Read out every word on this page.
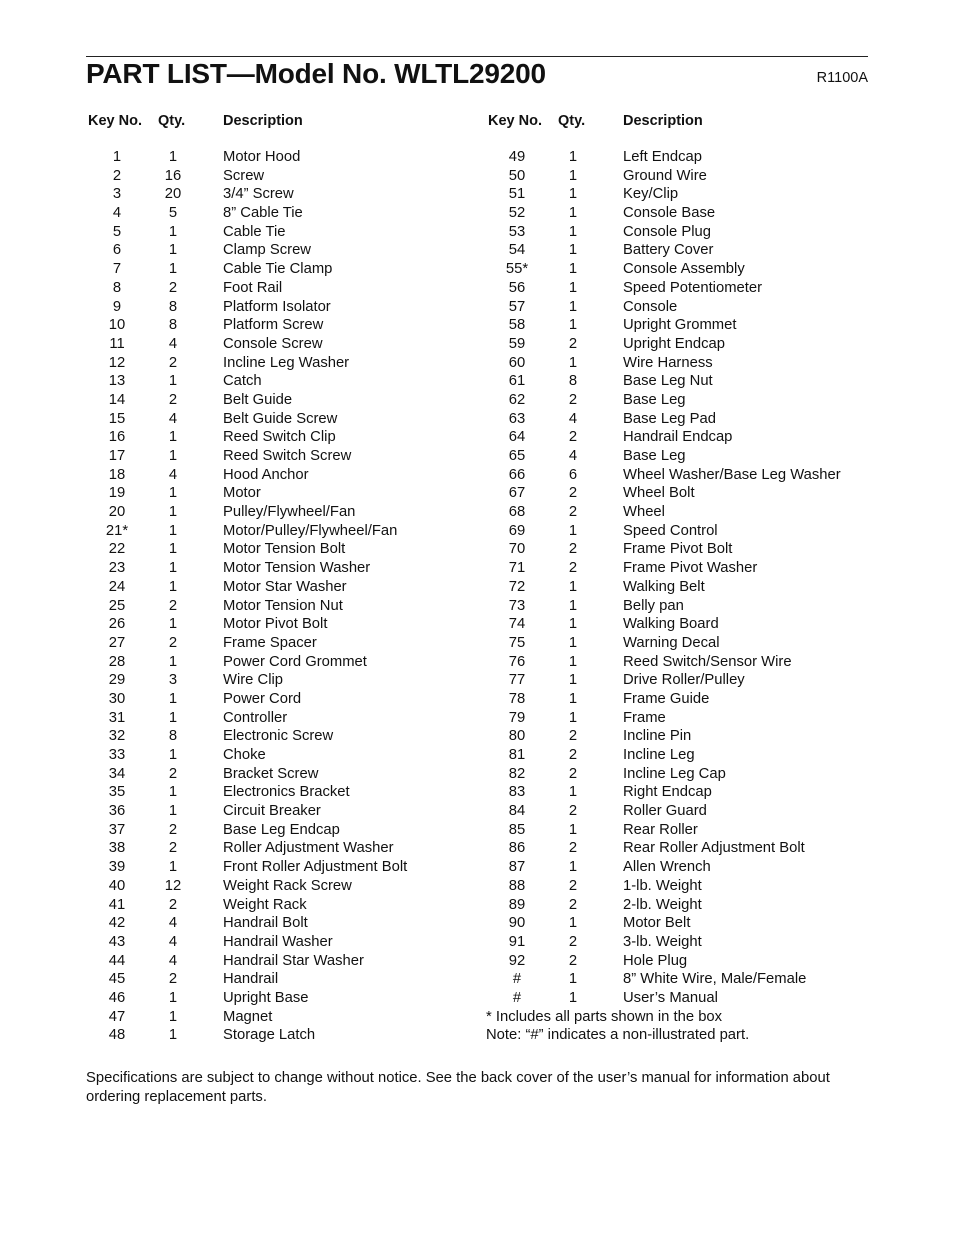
PART LIST—Model No. WLTL29200	R1100A
Key No. Qty.	Description
1	1	Motor Hood
2	16	Screw
3	20	3/4” Screw
4	5	8” Cable Tie
5	1	Cable Tie
6	1	Clamp Screw
7	1	Cable Tie Clamp
8	2	Foot Rail
9	8	Platform Isolator
10	8	Platform Screw
11	4	Console Screw
12	2	Incline Leg Washer
13	1	Catch
14	2	Belt Guide
15	4	Belt Guide Screw
16	1	Reed Switch Clip
17	1	Reed Switch Screw
18	4	Hood Anchor
19	1	Motor
20	1	Pulley/Flywheel/Fan
21*	1	Motor/Pulley/Flywheel/Fan
22	1	Motor Tension Bolt
23	1	Motor Tension Washer
24	1	Motor Star Washer
25	2	Motor Tension Nut
26	1	Motor Pivot Bolt
27	2	Frame Spacer
28	1	Power Cord Grommet
29	3	Wire Clip
30	1	Power Cord
31	1	Controller
32	8	Electronic Screw
33	1	Choke
34	2	Bracket Screw
35	1	Electronics Bracket
36	1	Circuit Breaker
37	2	Base Leg Endcap
38	2	Roller Adjustment Washer
39	1	Front Roller Adjustment Bolt
40	12	Weight Rack Screw
41	2	Weight Rack
42	4	Handrail Bolt
43	4	Handrail Washer
44	4	Handrail Star Washer
45	2	Handrail
46	1	Upright Base
47	1	Magnet
48	1	Storage Latch
Key No. Qty.	Description
49	1	Left Endcap
50	1	Ground Wire
51	1	Key/Clip
52	1	Console Base
53	1	Console Plug
54	1	Battery Cover
55*	1	Console Assembly
56	1	Speed Potentiometer
57	1	Console
58	1	Upright Grommet
59	2	Upright Endcap
60	1	Wire Harness
61	8	Base Leg Nut
62	2	Base Leg
63	4	Base Leg Pad
64	2	Handrail Endcap
65	4	Base Leg
66	6	Wheel Washer/Base Leg Washer
67	2	Wheel Bolt
68	2	Wheel
69	1	Speed Control
70	2	Frame Pivot Bolt
71	2	Frame Pivot Washer
72	1	Walking Belt
73	1	Belly pan
74	1	Walking Board
75	1	Warning Decal
76	1	Reed Switch/Sensor Wire
77	1	Drive Roller/Pulley
78	1	Frame Guide
79	1	Frame
80	2	Incline Pin
81	2	Incline Leg
82	2	Incline Leg Cap
83	1	Right Endcap
84	2	Roller Guard
85	1	Rear Roller
86	2	Rear Roller Adjustment Bolt
87	1	Allen Wrench
88	2	1-lb. Weight
89	2	2-lb. Weight
90	1	Motor Belt
91	2	3-lb. Weight
92	2	Hole Plug
#	1	8” White Wire, Male/Female
#	1	User’s Manual
* Includes all parts shown in the box
Note: “#” indicates a non-illustrated part.
Specifications are subject to change without notice. See the back cover of the user’s manual for information about ordering replacement parts.
